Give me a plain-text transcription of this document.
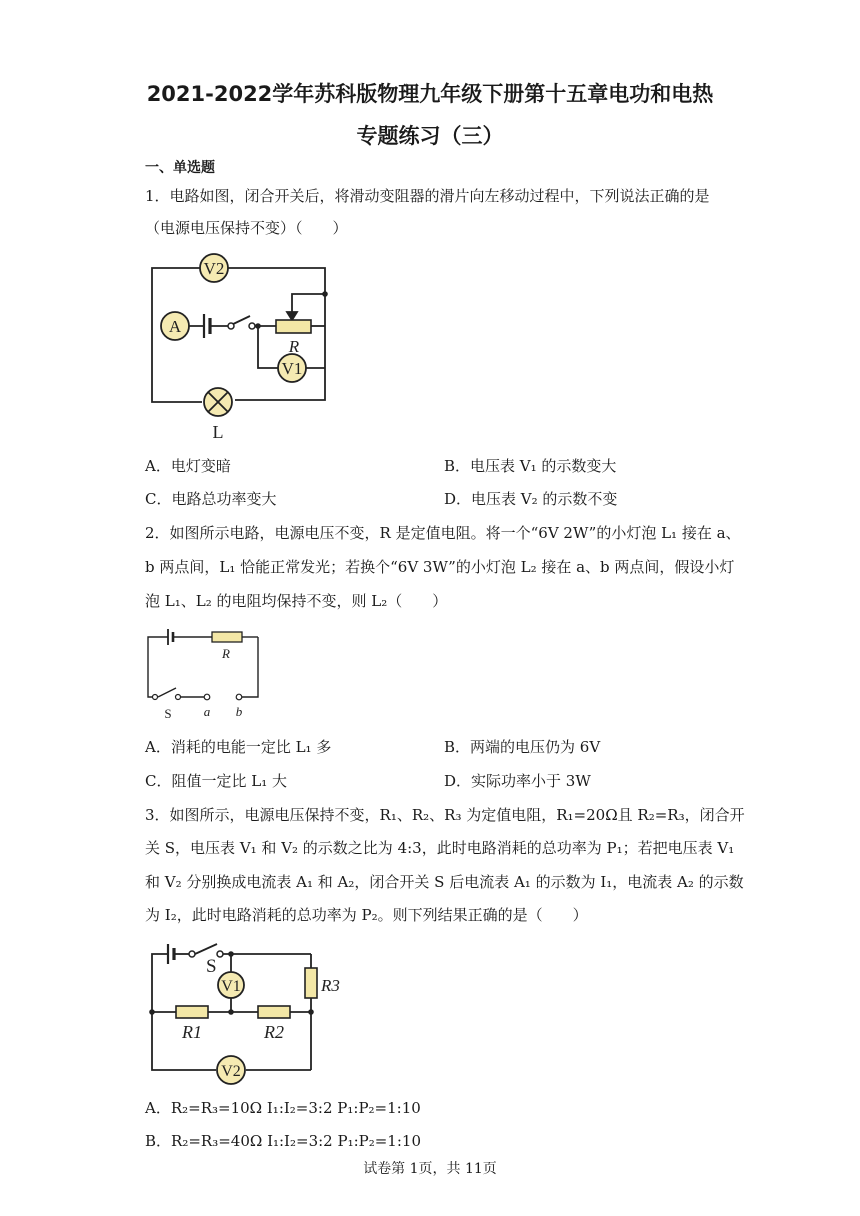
2021-2022学年苏科版物理九年级下册第十五章电功和电热
专题练习（三）
一、单选题
1．电路如图，闭合开关后，将滑动变阻器的滑片向左移动过程中，下列说法正确的是
（电源电压保持不变）（　　）
V2
A
V1
R
L
A．电灯变暗	B．电压表 V₁ 的示数变大
C．电路总功率变大	D．电压表 V₂ 的示数不变
2．如图所示电路，电源电压不变，R 是定值电阻。将一个“6V 2W”的小灯泡 L₁ 接在 a、
b 两点间，L₁ 恰能正常发光；若换个“6V 3W”的小灯泡 L₂ 接在 a、b 两点间，假设小灯
泡 L₁、L₂ 的电阻均保持不变，则 L₂（　　）
R
S a b
A．消耗的电能一定比 L₁ 多	B．两端的电压仍为 6V
C．阻值一定比 L₁ 大	D．实际功率小于 3W
3．如图所示，电源电压保持不变，R₁、R₂、R₃ 为定值电阻，R₁=20Ω且 R₂=R₃，闭合开
关 S，电压表 V₁ 和 V₂ 的示数之比为 4:3，此时电路消耗的总功率为 P₁；若把电压表 V₁
和 V₂ 分别换成电流表 A₁ 和 A₂，闭合开关 S 后电流表 A₁ 的示数为 I₁，电流表 A₂ 的示数
为 I₂，此时电路消耗的总功率为 P₂。则下列结果正确的是（　　）
S
V1	R3
R1	R2
V2
A．R₂=R₃=10Ω I₁:I₂=3:2 P₁:P₂=1:10
B．R₂=R₃=40Ω I₁:I₂=3:2 P₁:P₂=1:10
试卷第 1页，共 11页
